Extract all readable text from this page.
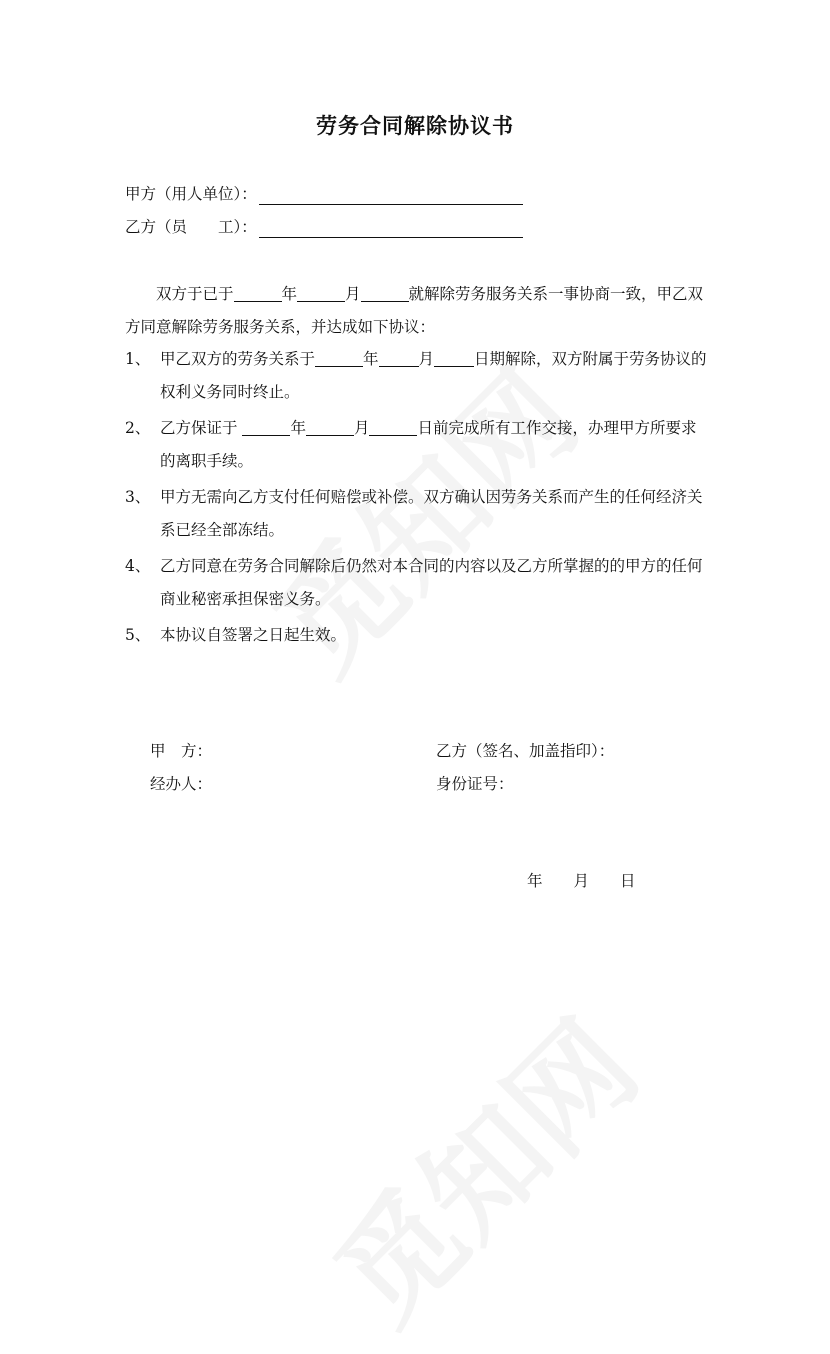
劳务合同解除协议书
甲方（用人单位）：
乙方（员　　工）：
双方于已于	年	月	就解除劳务服务关系一事协商一致，甲乙双方同意解除劳务服务关系，并达成如下协议：
1、 甲乙双方的劳务关系于	年	月	日期解除，双方附属于劳务协议的权利义务同时终止。
2、 乙方保证于	年	月	日前完成所有工作交接，办理甲方所要求的离职手续。
3、 甲方无需向乙方支付任何赔偿或补偿。双方确认因劳务关系而产生的任何经济关系已经全部冻结。
4、 乙方同意在劳务合同解除后仍然对本合同的内容以及乙方所掌握的的甲方的任何商业秘密承担保密义务。
5、 本协议自签署之日起生效。
甲　方：
经办人：
乙方（签名、加盖指印）：
身份证号：
年　　月　　日
